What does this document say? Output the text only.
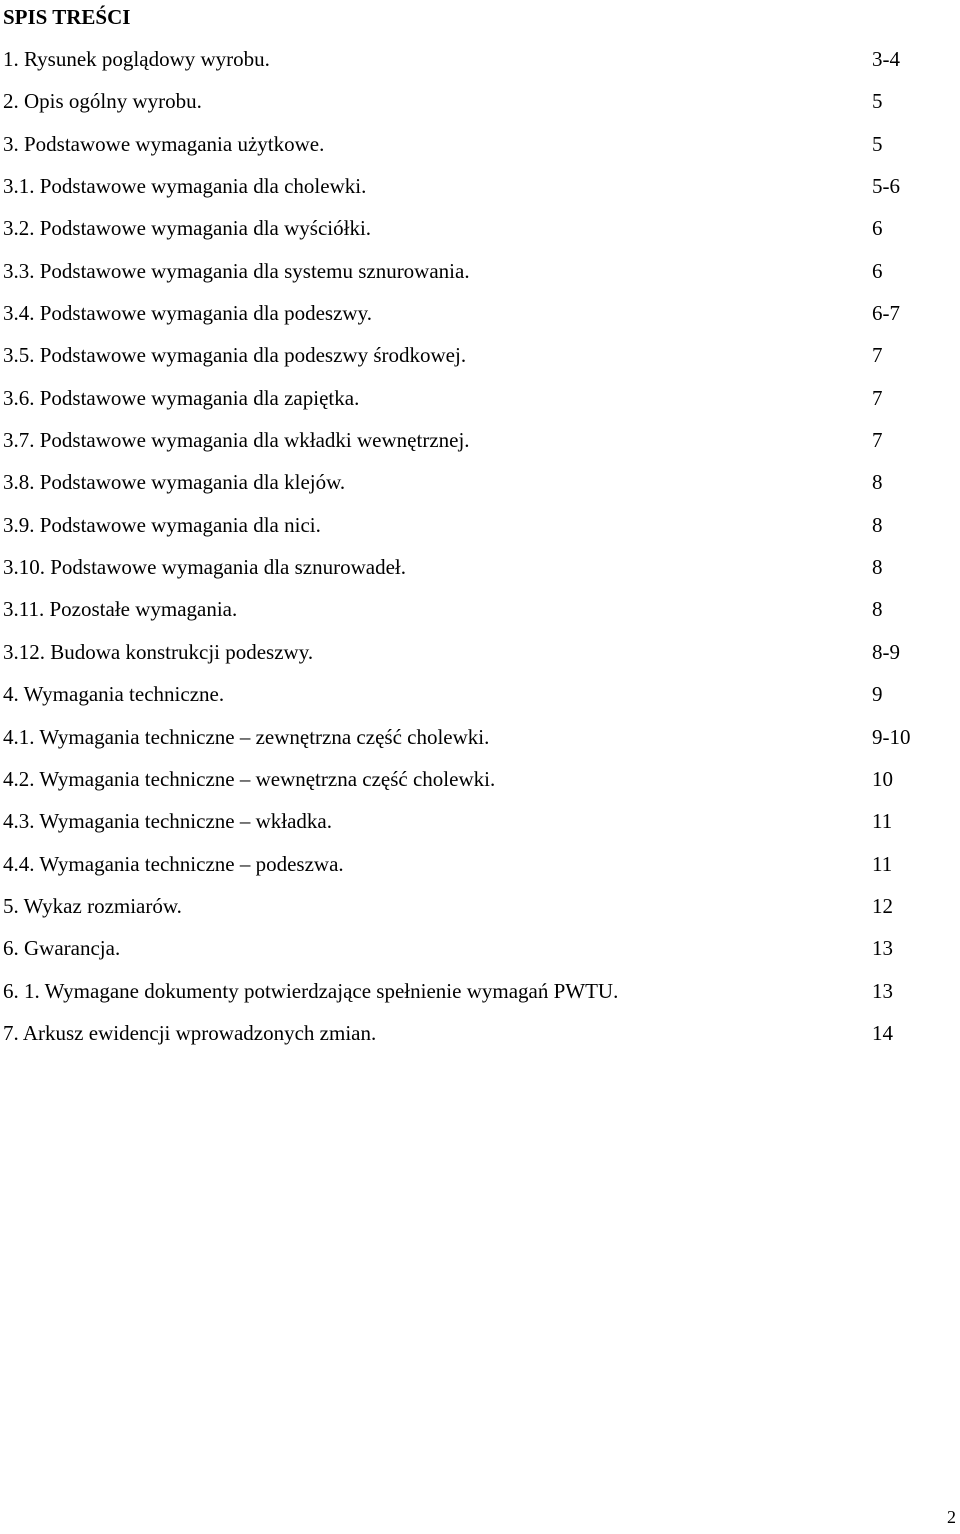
SPIS TREŚCI
1. Rysunek poglądowy wyrobu.	3-4
2. Opis ogólny wyrobu.	5
3. Podstawowe wymagania użytkowe.	5
3.1. Podstawowe wymagania dla cholewki.	5-6
3.2. Podstawowe wymagania dla wyściółki.	6
3.3. Podstawowe wymagania dla systemu sznurowania.	6
3.4. Podstawowe wymagania dla podeszwy.	6-7
3.5. Podstawowe wymagania dla podeszwy środkowej.	7
3.6. Podstawowe wymagania dla zapiętka.	7
3.7. Podstawowe wymagania dla wkładki wewnętrznej.	7
3.8. Podstawowe wymagania dla klejów.	8
3.9. Podstawowe wymagania dla nici.	8
3.10. Podstawowe wymagania dla sznurowadeł.	8
3.11. Pozostałe wymagania.	8
3.12. Budowa konstrukcji podeszwy.	8-9
4. Wymagania techniczne.	9
4.1. Wymagania techniczne – zewnętrzna część cholewki.	9-10
4.2. Wymagania techniczne – wewnętrzna część cholewki.	10
4.3. Wymagania techniczne – wkładka.	11
4.4. Wymagania techniczne – podeszwa.	11
5. Wykaz rozmiarów.	12
6. Gwarancja.	13
6. 1. Wymagane dokumenty potwierdzające spełnienie wymagań PWTU.	13
7. Arkusz ewidencji wprowadzonych zmian.	14

2
